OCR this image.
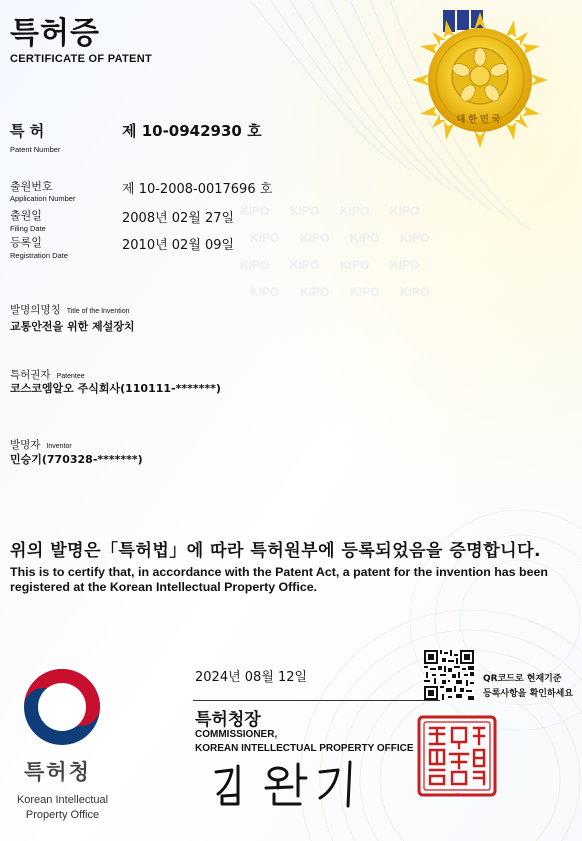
KIPO KIPO KIPO KIPO
KIPO KIPO KIPO KIPO
KIPO KIPO KIPO KIPO
KIPO KIPO KIPO KIPO
특허증
CERTIFICATE OF PATENT
대한민국
특 허
Patent Number
제 10-0942930 호
출원번호
Application Number
제 10-2008-0017696 호
출원일
Filing Date
2008년 02월 27일
등록일
Registration Date
2010년 02월 09일
발명의명칭 Title of the Invention
교통안전을 위한 제설장치
특허권자 Patentee
코스코엠알오 주식회사(110111-*******)
발명자 Inventor
민승기(770328-*******)
위의 발명은「특허법」에 따라 특허원부에 등록되었음을 증명합니다.
This is to certify that, in accordance with the Patent Act, a patent for the invention has been registered at the Korean Intellectual Property Office.
특허청
Korean Intellectual
Property Office
2024년 08월 12일	QR코드로 현재기준
등록사항을 확인하세요
특허청장
COMMISSIONER,
KOREAN INTELLECTUAL PROPERTY OFFICE
특허청장인
